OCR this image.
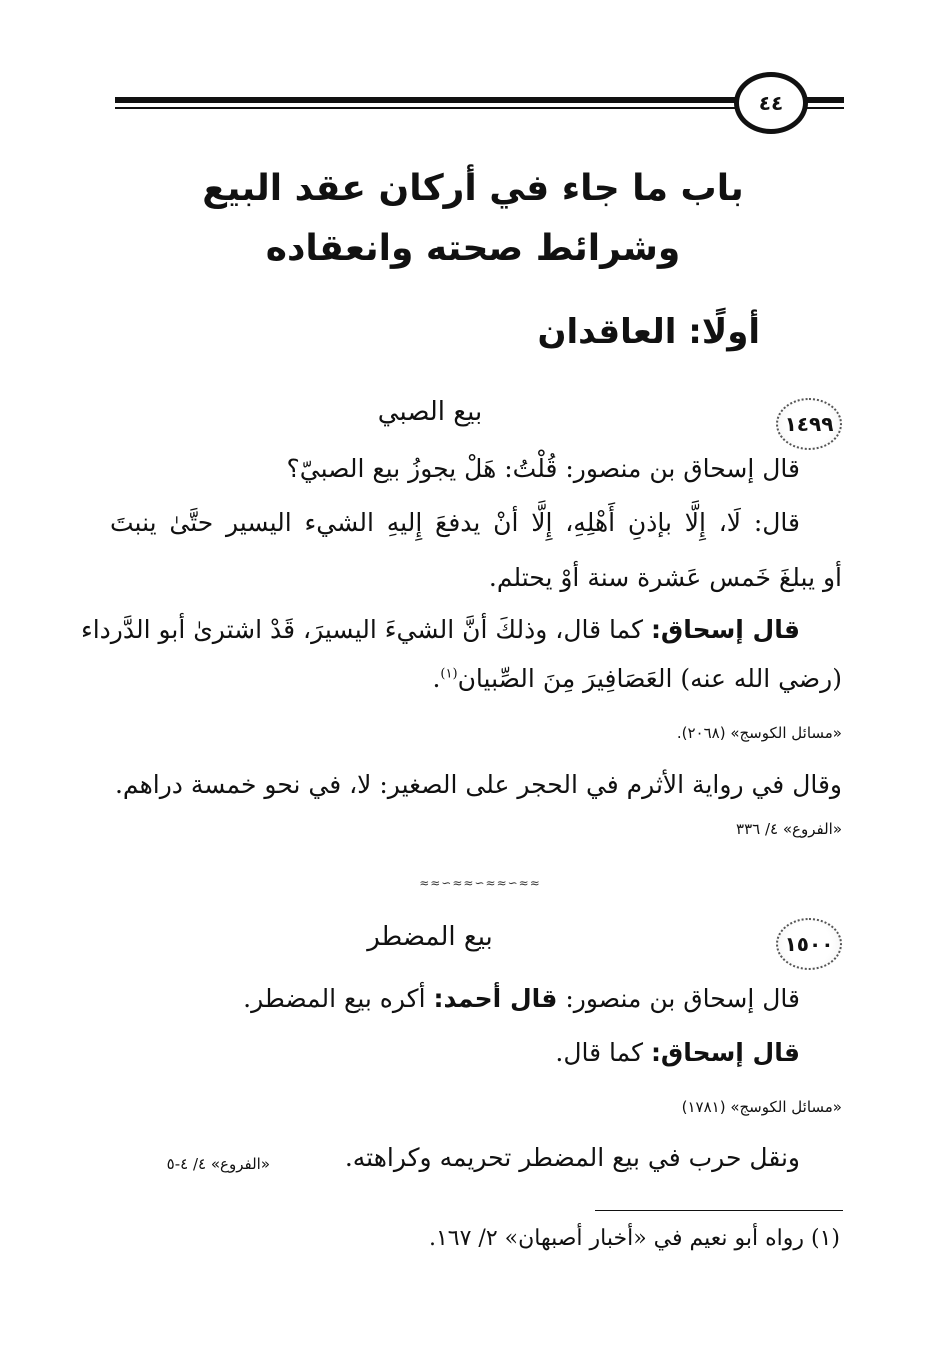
٤٤
باب ما جاء في أركان عقد البيع
وشرائط صحته وانعقاده
أولًا: العاقدان
١٤٩٩
بيع الصبي
قال إسحاق بن منصور: قُلْتُ: هَلْ يجوزُ بيع الصبيّ؟
قال: لَا، إِلَّا بإذنِ أَهْلِهِ، إِلَّا أنْ يدفعَ إِليهِ الشيء اليسير حتَّىٰ ينبتَ
أو يبلغَ خَمس عَشرة سنة أوْ يحتلم.
قال إسحاق: كما قال، وذلكَ أنَّ الشيءَ اليسيرَ، قَدْ اشترىٰ أبو الدَّرداء
(رضي الله عنه) العَصَافِيرَ مِنَ الصِّبيان$^{(١)}$.
«مسائل الكوسج» (٢٠٦٨).
وقال في رواية الأثرم في الحجر على الصغير: لا، في نحو خمسة دراهم.
«الفروع» ٤/ ٣٣٦
≈≈∽≈≈∽≈≈∽≈≈
١٥٠٠
بيع المضطر
قال إسحاق بن منصور: قال أحمد: أكره بيع المضطر.
قال إسحاق: كما قال.
«مسائل الكوسج» (١٧٨١)
ونقل حرب في بيع المضطر تحريمه وكراهته.
«الفروع» ٤/ ٤-٥
(١) رواه أبو نعيم في «أخبار أصبهان» ٢/ ١٦٧.
